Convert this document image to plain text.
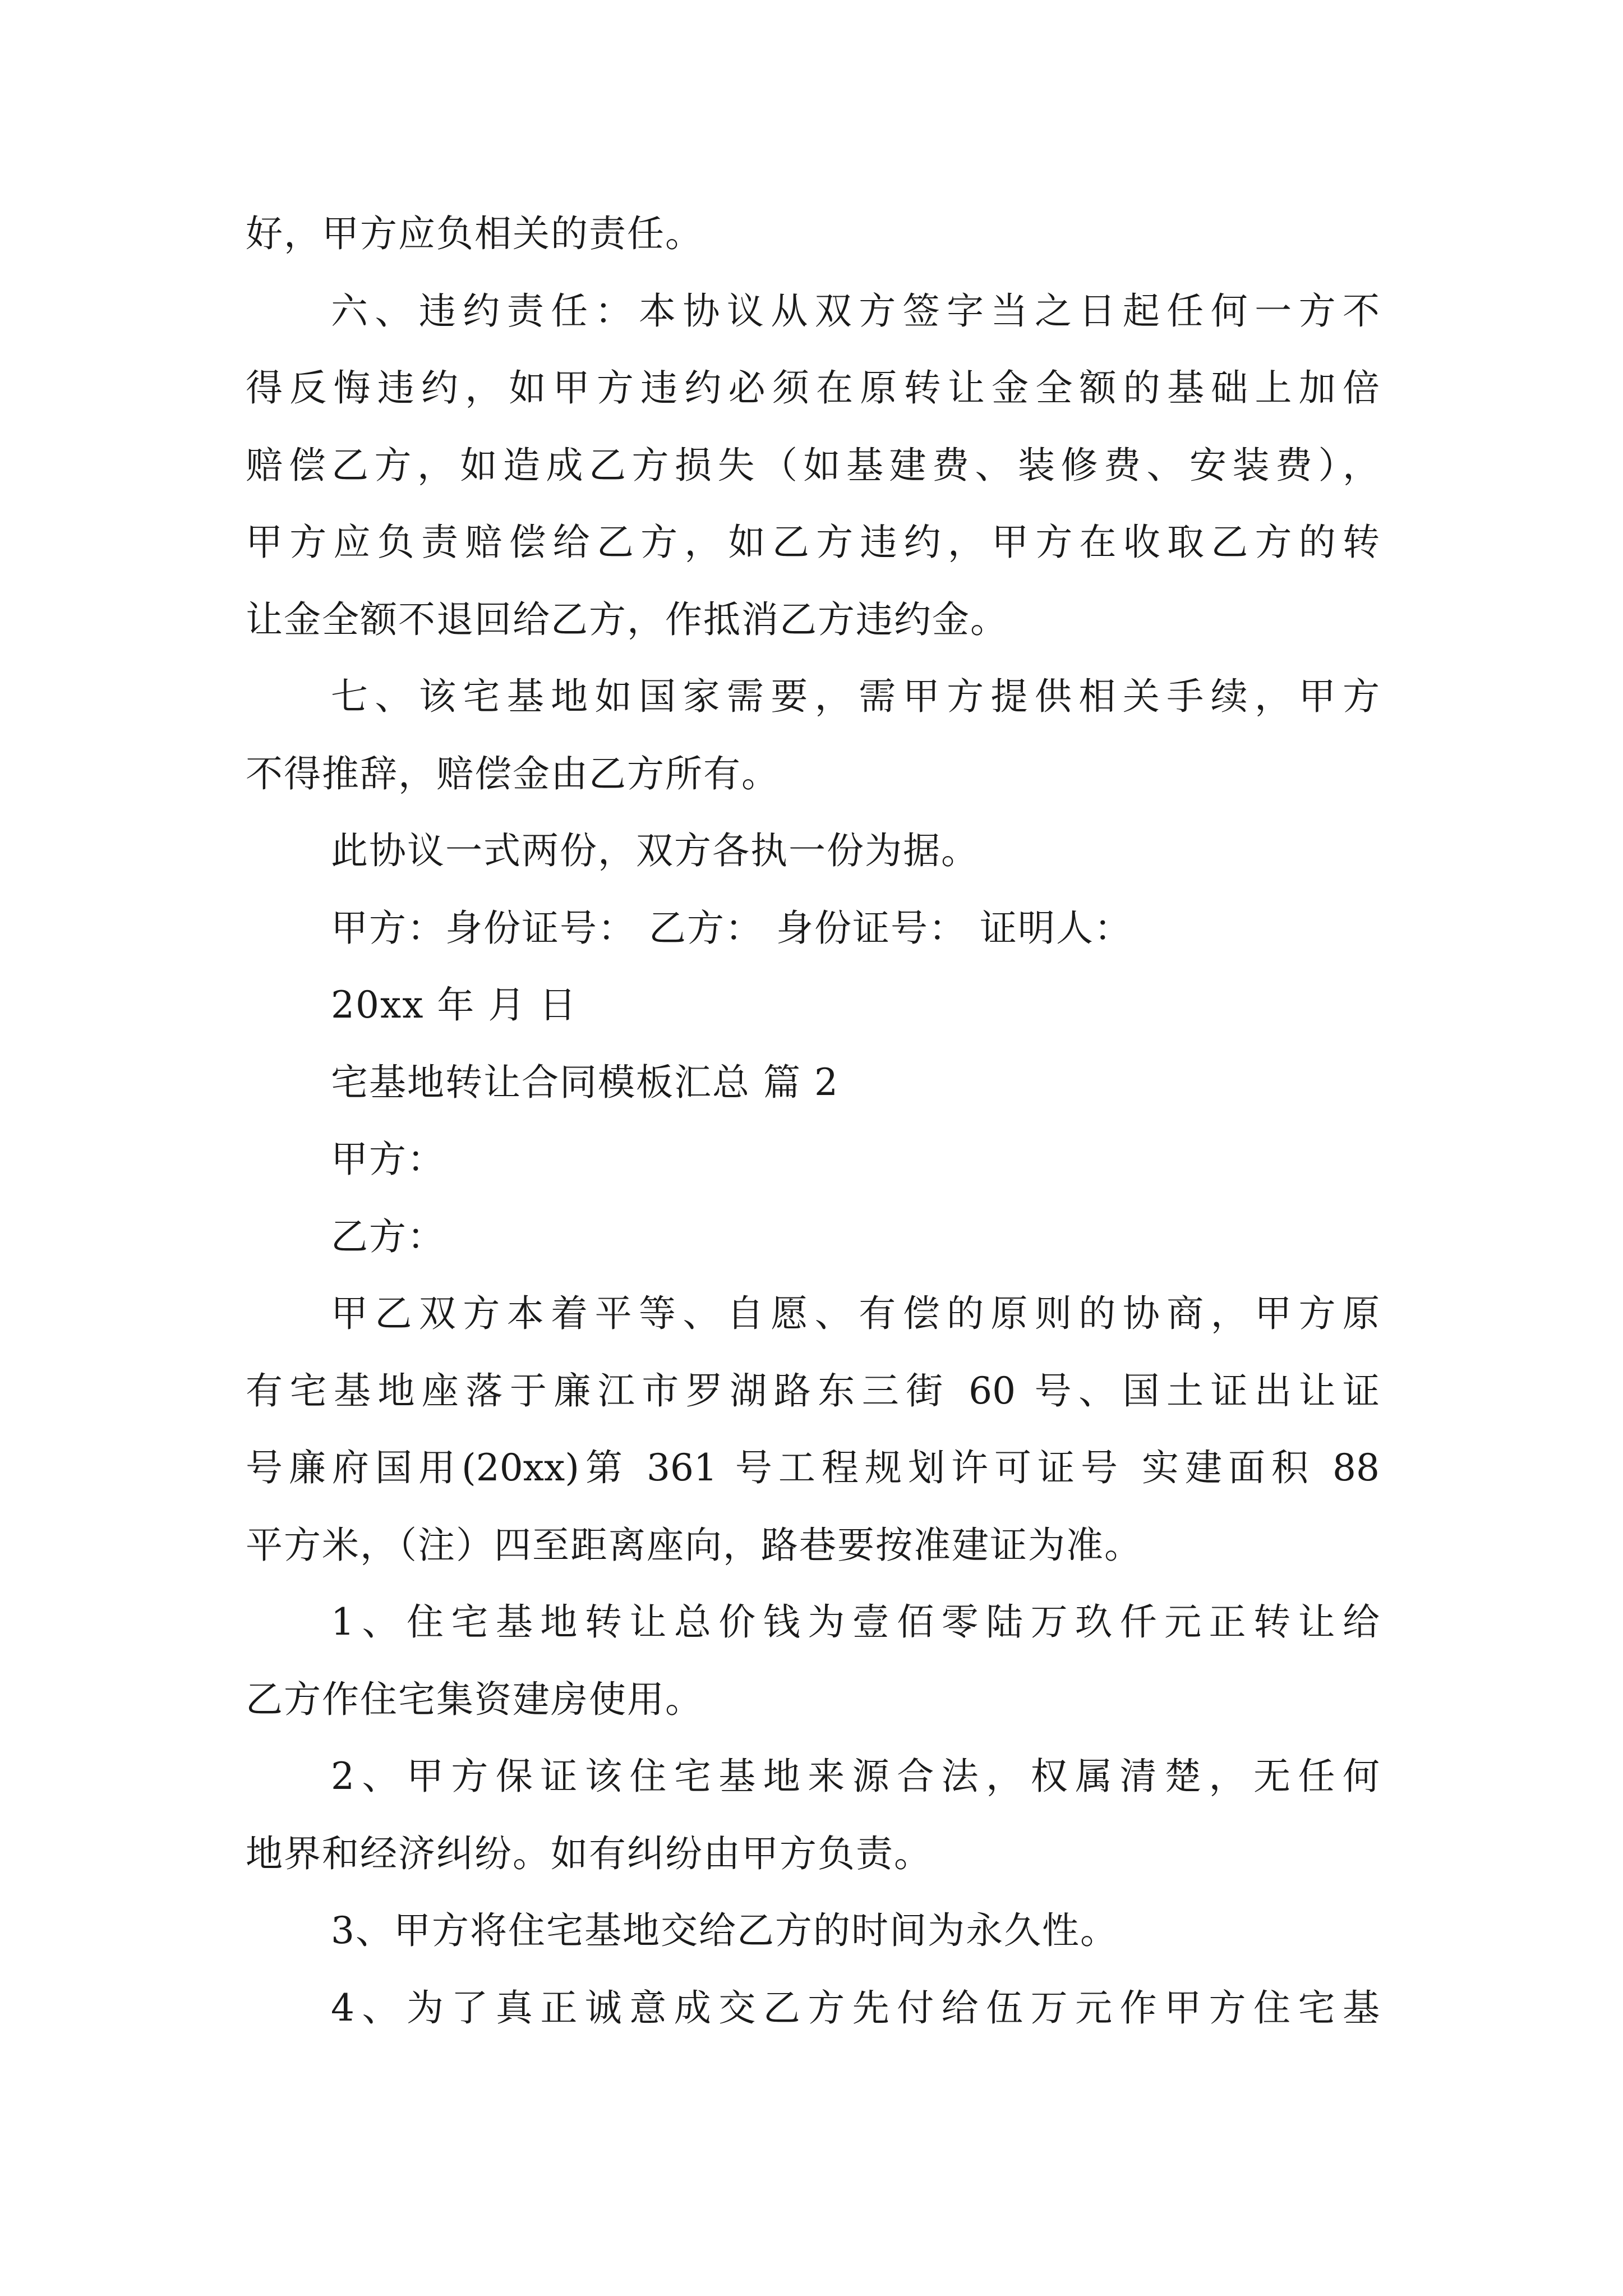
好，甲方应负相关的责任。
六、违约责任：本协议从双方签字当之日起任何一方不
得反悔违约，如甲方违约必须在原转让金全额的基础上加倍
赔偿乙方，如造成乙方损失（如基建费、装修费、安装费），
甲方应负责赔偿给乙方，如乙方违约，甲方在收取乙方的转
让金全额不退回给乙方，作抵消乙方违约金。
七、该宅基地如国家需要，需甲方提供相关手续，甲方
不得推辞，赔偿金由乙方所有。
此协议一式两份，双方各执一份为据。
甲方：身份证号： 乙方： 身份证号： 证明人：
20xx 年 月 日
宅基地转让合同模板汇总 篇 2
甲方：
乙方：
甲乙双方本着平等、自愿、有偿的原则的协商，甲方原
有宅基地座落于廉江市罗湖路东三街 60 号、国土证出让证
号廉府国用(20xx)第 361 号工程规划许可证号 实建面积 88
平方米，（注）四至距离座向，路巷要按准建证为准。
1、住宅基地转让总价钱为壹佰零陆万玖仟元正转让给
乙方作住宅集资建房使用。
2、甲方保证该住宅基地来源合法，权属清楚，无任何
地界和经济纠纷。如有纠纷由甲方负责。
3、甲方将住宅基地交给乙方的时间为永久性。
4、为了真正诚意成交乙方先付给伍万元作甲方住宅基
